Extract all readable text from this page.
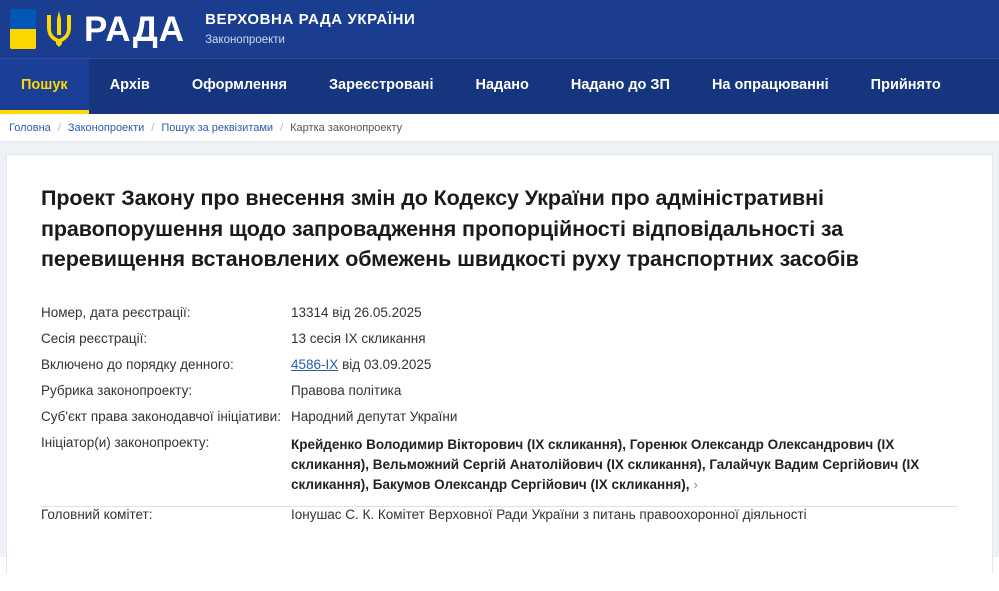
РАДА ВЕРХОВНА РАДА УКРАЇНИ
Законопроекти
Пошук	Архів	Оформлення	Зареєстровані	Надано	Надано до ЗП	На опрацюванні	Прийнято
Головна / Законопроекти / Пошук за реквізитами / Картка законопроекту
Проект Закону про внесення змін до Кодексу України про адміністративні правопорушення щодо запровадження пропорційності відповідальності за перевищення встановлених обмежень швидкості руху транспортних засобів
Номер, дата реєстрації:	13314 від 26.05.2025
Сесія реєстрації:	13 сесія IX скликання
Включено до порядку денного:	4586-IX від 03.09.2025
Рубрика законопроекту:	Правова політика
Суб'єкт права законодавчої ініціативи:	Народний депутат України
Ініціатор(и) законопроекту:	Крейденко Володимир Вікторович (IX скликання), Горенюк Олександр Олександрович (IX скликання), Вельможний Сергій Анатолійович (IX скликання), Галайчук Вадим Сергійович (IX скликання), Бакумов Олександр Сергійович (IX скликання), ›
Головний комітет:	Іонушас С. К. Комітет Верховної Ради України з питань правоохоронної діяльності
